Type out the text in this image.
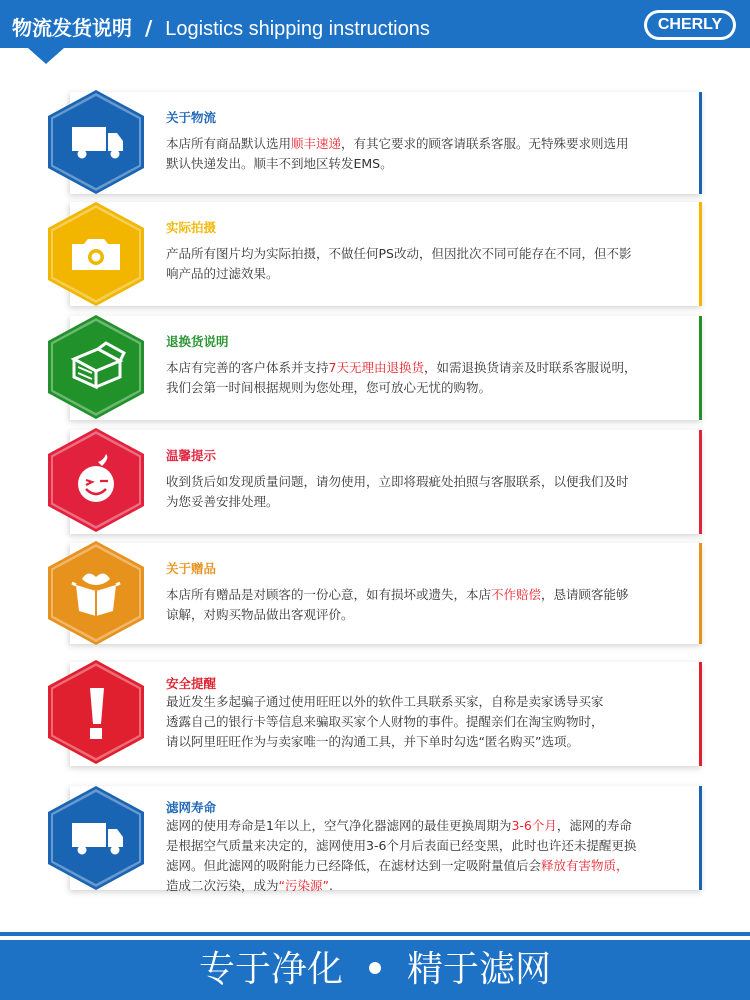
物流发货说明 / Logistics shipping instructions	CHERLY
关于物流
本店所有商品默认选用顺丰速递，有其它要求的顾客请联系客服。无特殊要求则选用
默认快递发出。顺丰不到地区转发EMS。
实际拍摄
产品所有图片均为实际拍摄，不做任何PS改动，但因批次不同可能存在不同，但不影
响产品的过滤效果。
退换货说明
本店有完善的客户体系并支持7天无理由退换货，如需退换货请亲及时联系客服说明，
我们会第一时间根据规则为您处理，您可放心无忧的购物。
温馨提示
收到货后如发现质量问题，请勿使用，立即将瑕疵处拍照与客服联系，以便我们及时
为您妥善安排处理。
关于赠品
本店所有赠品是对顾客的一份心意，如有损坏或遗失，本店不作赔偿，恳请顾客能够
谅解，对购买物品做出客观评价。
安全提醒
最近发生多起骗子通过使用旺旺以外的软件工具联系买家，自称是卖家诱导买家
透露自己的银行卡等信息来骗取买家个人财物的事件。提醒亲们在淘宝购物时，
请以阿里旺旺作为与卖家唯一的沟通工具，并下单时勾选“匿名购买”选项。
滤网寿命
滤网的使用寿命是1年以上，空气净化器滤网的最佳更换周期为3-6个月，滤网的寿命
是根据空气质量来决定的，滤网使用3-6个月后表面已经变黑，此时也许还未提醒更换
滤网。但此滤网的吸附能力已经降低，在滤材达到一定吸附量值后会释放有害物质，
造成二次污染，成为“污染源”.
专于净化 精于滤网
